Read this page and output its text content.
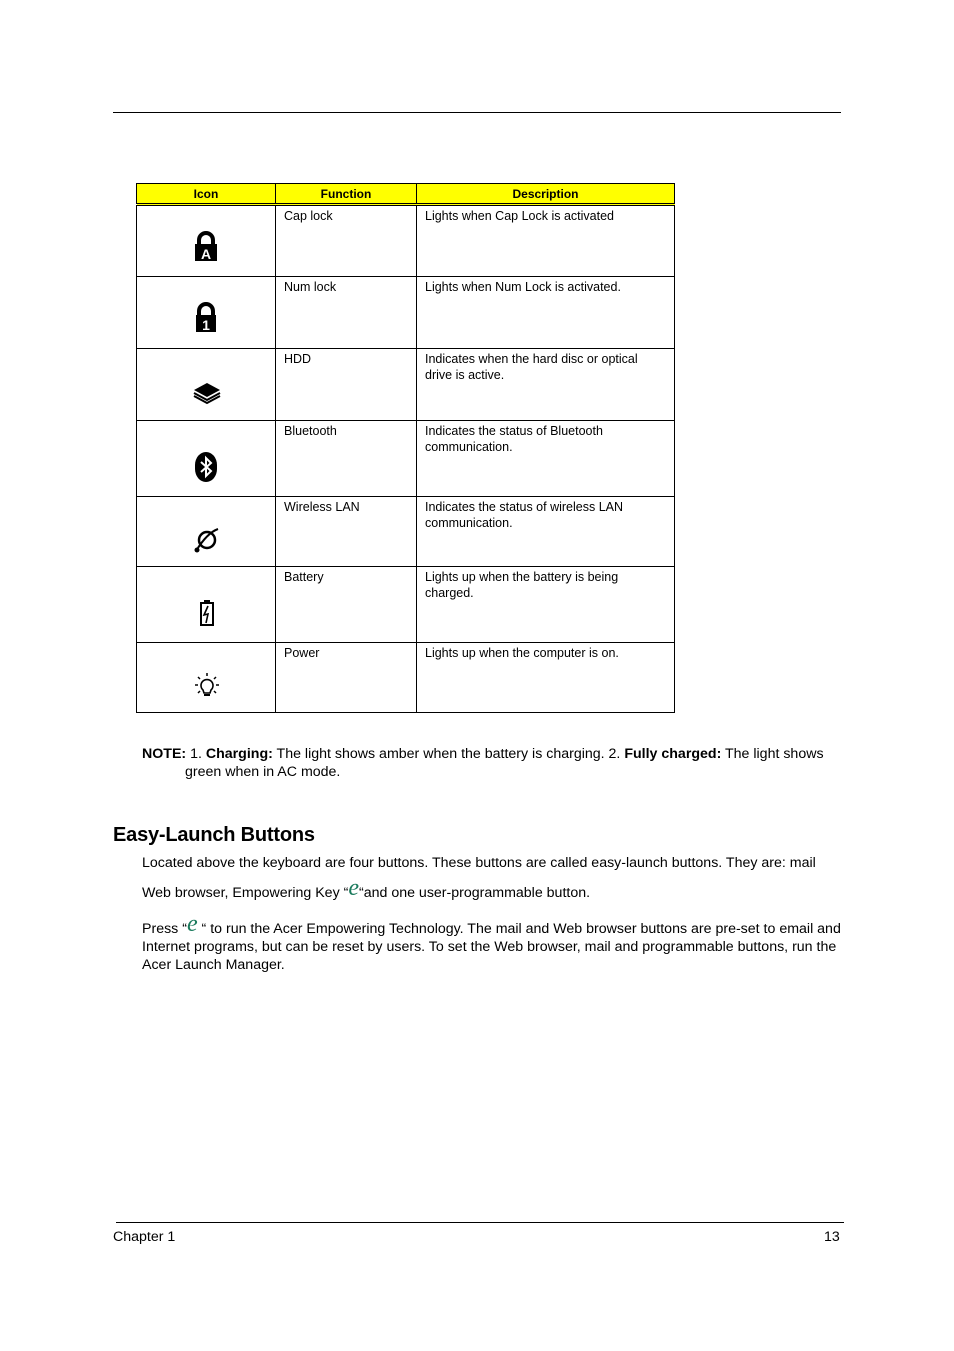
Icon	Function	Description

A	Cap lock	Lights when Cap Lock is activated

1	Num lock	Lights when Num Lock is activated.

	HDD	Indicates when the hard disc or optical drive is active.

	Bluetooth	Indicates the status of Bluetooth communication.

	Wireless LAN	Indicates the status of wireless LAN communication.

	Battery	Lights up when the battery is being charged.

	Power	Lights up when the computer is on.
NOTE: 1. Charging: The light shows amber when the battery is charging. 2. Fully charged: The light shows
green when in AC mode.
Easy-Launch Buttons

Located above the keyboard are four buttons. These buttons are called easy-launch buttons. They are: mail

Web browser, Empowering Key “e“and one user-programmable button.

Press “e “ to run the Acer Empowering Technology. The mail and Web browser buttons are pre-set to email and Internet programs, but can be reset by users. To set the Web browser, mail and programmable buttons, run the Acer Launch Manager.

Chapter 1	13
